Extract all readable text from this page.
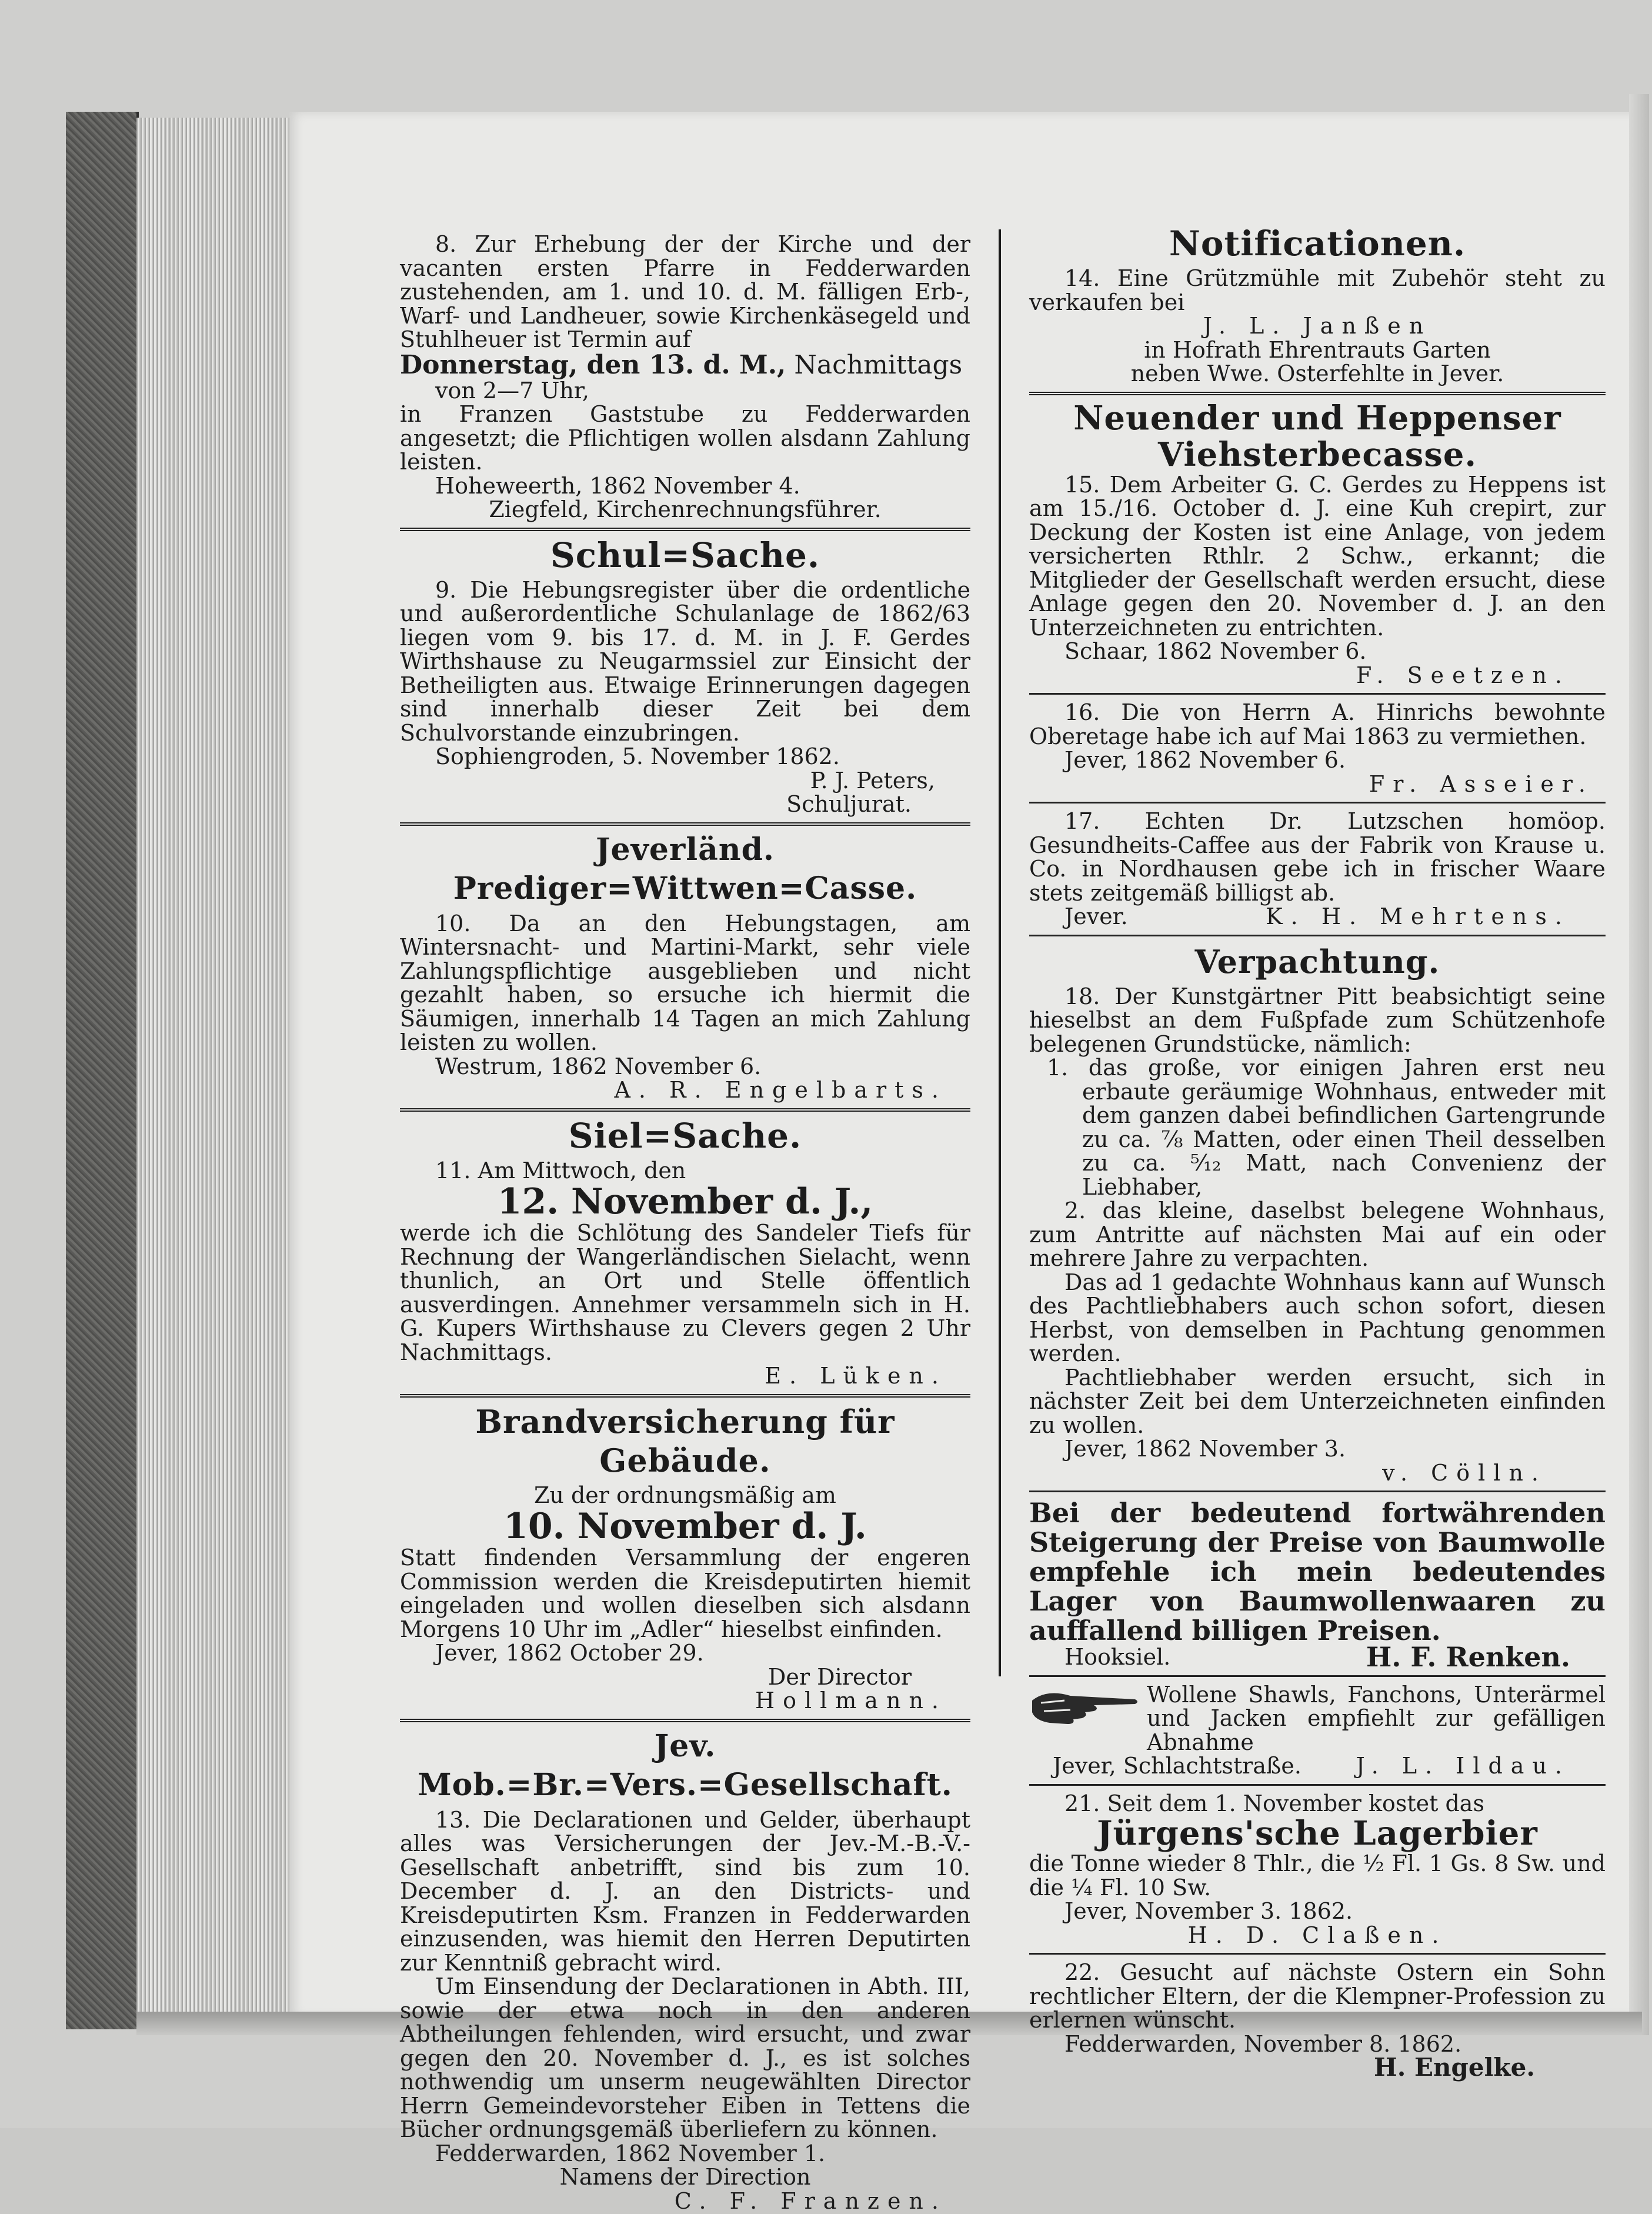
8. Zur Erhebung der der Kirche und der vacanten ersten Pfarre in Fedderwarden zustehenden, am 1. und 10. d. M. fälligen Erb-, Warf- und Landheuer, sowie Kirchenkäsegeld und Stuhlheuer ist Termin auf

Donnerstag, den 13. d. M., Nachmittags

von 2—7 Uhr,

in Franzen Gaststube zu Fedderwarden angesetzt; die Pflichtigen wollen alsdann Zahlung leisten.

Hoheweerth, 1862 November 4.

Ziegfeld, Kirchenrechnungsführer.

Schul=Sache.

9. Die Hebungsregister über die ordentliche und außerordentliche Schulanlage de 1862/63 liegen vom 9. bis 17. d. M. in J. F. Gerdes Wirthshause zu Neugarmssiel zur Einsicht der Betheiligten aus. Etwaige Erinnerungen dagegen sind innerhalb dieser Zeit bei dem Schulvorstande einzubringen.

Sophiengroden, 5. November 1862.

P. J. Peters,

Schuljurat.

Jeverländ. Prediger=Wittwen=Casse.

10. Da an den Hebungstagen, am Wintersnacht- und Martini-Markt, sehr viele Zahlungspflichtige ausgeblieben und nicht gezahlt haben, so ersuche ich hiermit die Säumigen, innerhalb 14 Tagen an mich Zahlung leisten zu wollen.

Westrum, 1862 November 6.

A. R. Engelbarts.

Siel=Sache.

11. Am Mittwoch, den

12. November d. J.,

werde ich die Schlötung des Sandeler Tiefs für Rechnung der Wangerländischen Sielacht, wenn thunlich, an Ort und Stelle öffentlich ausverdingen. Annehmer versammeln sich in H. G. Kupers Wirthshause zu Clevers gegen 2 Uhr Nachmittags.

E. Lüken.

Brandversicherung für Gebäude.

Zu der ordnungsmäßig am

10. November d. J.

Statt findenden Versammlung der engeren Commission werden die Kreisdeputirten hiemit eingeladen und wollen dieselben sich alsdann Morgens 10 Uhr im „Adler“ hieselbst einfinden.

Jever, 1862 October 29.

Der Director

Hollmann.

Jev. Mob.=Br.=Vers.=Gesellschaft.

13. Die Declarationen und Gelder, überhaupt alles was Versicherungen der Jev.-M.-B.-V.-Gesellschaft anbetrifft, sind bis zum 10. December d. J. an den Districts- und Kreisdeputirten Ksm. Franzen in Fedderwarden einzusenden, was hiemit den Herren Deputirten zur Kenntniß gebracht wird.

Um Einsendung der Declarationen in Abth. III, sowie der etwa noch in den anderen Abtheilungen fehlenden, wird ersucht, und zwar gegen den 20. November d. J., es ist solches nothwendig um unserm neugewählten Director Herrn Gemeindevorsteher Eiben in Tettens die Bücher ordnungsgemäß überliefern zu können.

Fedderwarden, 1862 November 1.

Namens der Direction

C. F. Franzen.

Notificationen.

14. Eine Grützmühle mit Zubehör steht zu verkaufen bei

J. L. Janßen

in Hofrath Ehrentrauts Garten

neben Wwe. Osterfehlte in Jever.

Neuender und Heppenser
Viehsterbecasse.

15. Dem Arbeiter G. C. Gerdes zu Heppens ist am 15./16. October d. J. eine Kuh crepirt, zur Deckung der Kosten ist eine Anlage, von jedem versicherten Rthlr. 2 Schw., erkannt; die Mitglieder der Gesellschaft werden ersucht, diese Anlage gegen den 20. November d. J. an den Unterzeichneten zu entrichten.

Schaar, 1862 November 6.

F. Seetzen.

16. Die von Herrn A. Hinrichs bewohnte Oberetage habe ich auf Mai 1863 zu vermiethen.

Jever, 1862 November 6.

Fr. Asseier.

17. Echten Dr. Lutzschen homöop. Gesundheits-Caffee aus der Fabrik von Krause u. Co. in Nordhausen gebe ich in frischer Waare stets zeitgemäß billigst ab.

Jever.	K. H. Mehrtens.

Verpachtung.

18. Der Kunstgärtner Pitt beabsichtigt seine hieselbst an dem Fußpfade zum Schützenhofe belegenen Grundstücke, nämlich:

1. das große, vor einigen Jahren erst neu erbaute geräumige Wohnhaus, entweder mit dem ganzen dabei befindlichen Gartengrunde zu ca. ⅞ Matten, oder einen Theil desselben zu ca. ⁵⁄₁₂ Matt, nach Convenienz der Liebhaber,

2. das kleine, daselbst belegene Wohnhaus, zum Antritte auf nächsten Mai auf ein oder mehrere Jahre zu verpachten.

Das ad 1 gedachte Wohnhaus kann auf Wunsch des Pachtliebhabers auch schon sofort, diesen Herbst, von demselben in Pachtung genommen werden.

Pachtliebhaber werden ersucht, sich in nächster Zeit bei dem Unterzeichneten einfinden zu wollen.

Jever, 1862 November 3.

v. Cölln.

Bei der bedeutend fortwährenden Steigerung der Preise von Baumwolle empfehle ich mein bedeutendes Lager von Baumwollenwaaren zu auffallend billigen Preisen.

Hooksiel.	H. F. Renken.

Wollene Shawls, Fanchons, Unterärmel und Jacken empfiehlt zur gefälligen Abnahme

Jever, Schlachtstraße. J. L. Ildau.

21. Seit dem 1. November kostet das

Jürgens'sche Lagerbier

die Tonne wieder 8 Thlr., die ½ Fl. 1 Gs. 8 Sw. und die ¼ Fl. 10 Sw.

Jever, November 3. 1862.

H. D. Claßen.

22. Gesucht auf nächste Ostern ein Sohn rechtlicher Eltern, der die Klempner-Profession zu erlernen wünscht.

Fedderwarden, November 8. 1862.

H. Engelke.
